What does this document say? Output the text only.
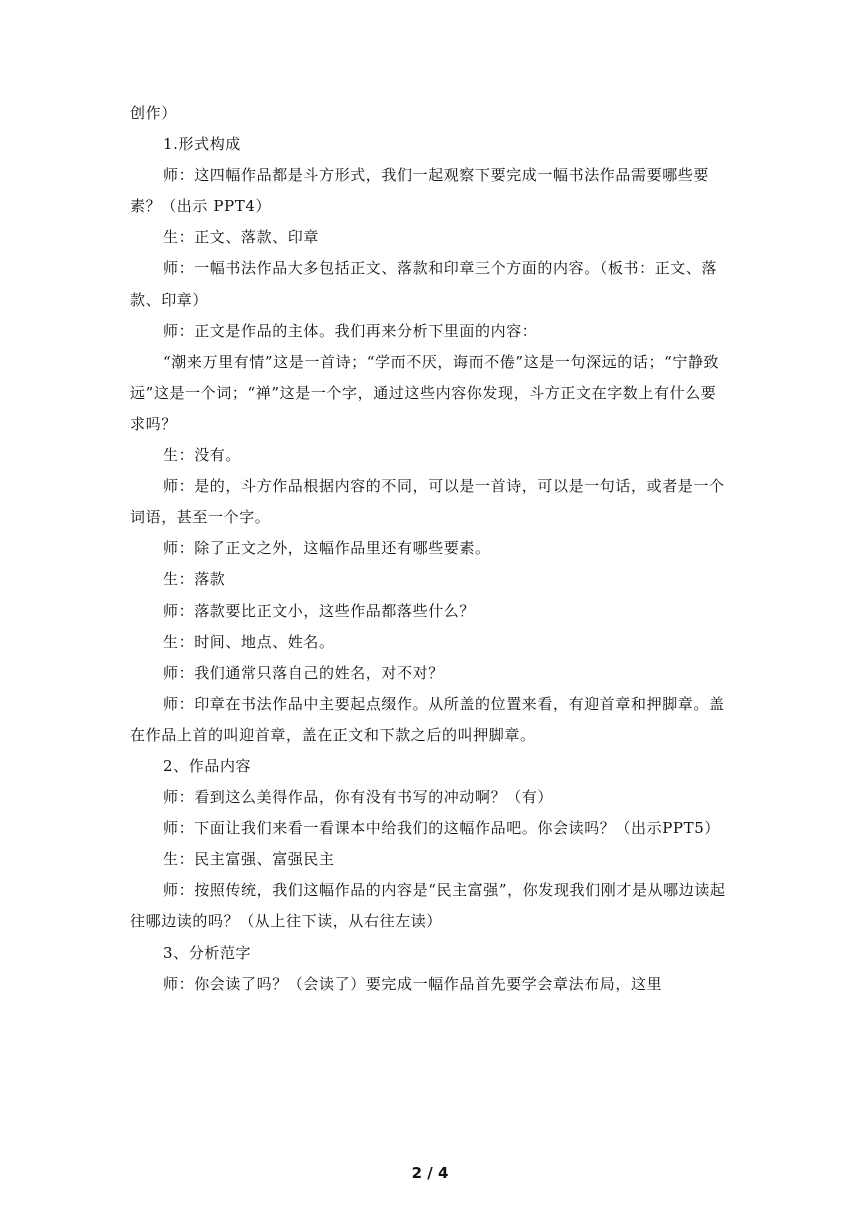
创作）

1.形式构成

师：这四幅作品都是斗方形式，我们一起观察下要完成一幅书法作品需要哪些要素？（出示 PPT4）

生：正文、落款、印章

师：一幅书法作品大多包括正文、落款和印章三个方面的内容。（板书：正文、落款、印章）

师：正文是作品的主体。我们再来分析下里面的内容：

“潮来万里有情”这是一首诗；“学而不厌，诲而不倦”这是一句深远的话；“宁静致远”这是一个词；“禅”这是一个字，通过这些内容你发现，斗方正文在字数上有什么要求吗？

生：没有。

师：是的，斗方作品根据内容的不同，可以是一首诗，可以是一句话，或者是一个词语，甚至一个字。

师：除了正文之外，这幅作品里还有哪些要素。

生：落款

师：落款要比正文小，这些作品都落些什么？

生：时间、地点、姓名。

师：我们通常只落自己的姓名，对不对？

师：印章在书法作品中主要起点缀作。从所盖的位置来看，有迎首章和押脚章。盖在作品上首的叫迎首章，盖在正文和下款之后的叫押脚章。

2、作品内容

师：看到这么美得作品，你有没有书写的冲动啊？（有）

师：下面让我们来看一看课本中给我们的这幅作品吧。你会读吗？（出示PPT5）

生：民主富强、富强民主

师：按照传统，我们这幅作品的内容是“民主富强”，你发现我们刚才是从哪边读起往哪边读的吗？（从上往下读，从右往左读）

3、分析范字

师：你会读了吗？（会读了）要完成一幅作品首先要学会章法布局，这里

2 / 4
